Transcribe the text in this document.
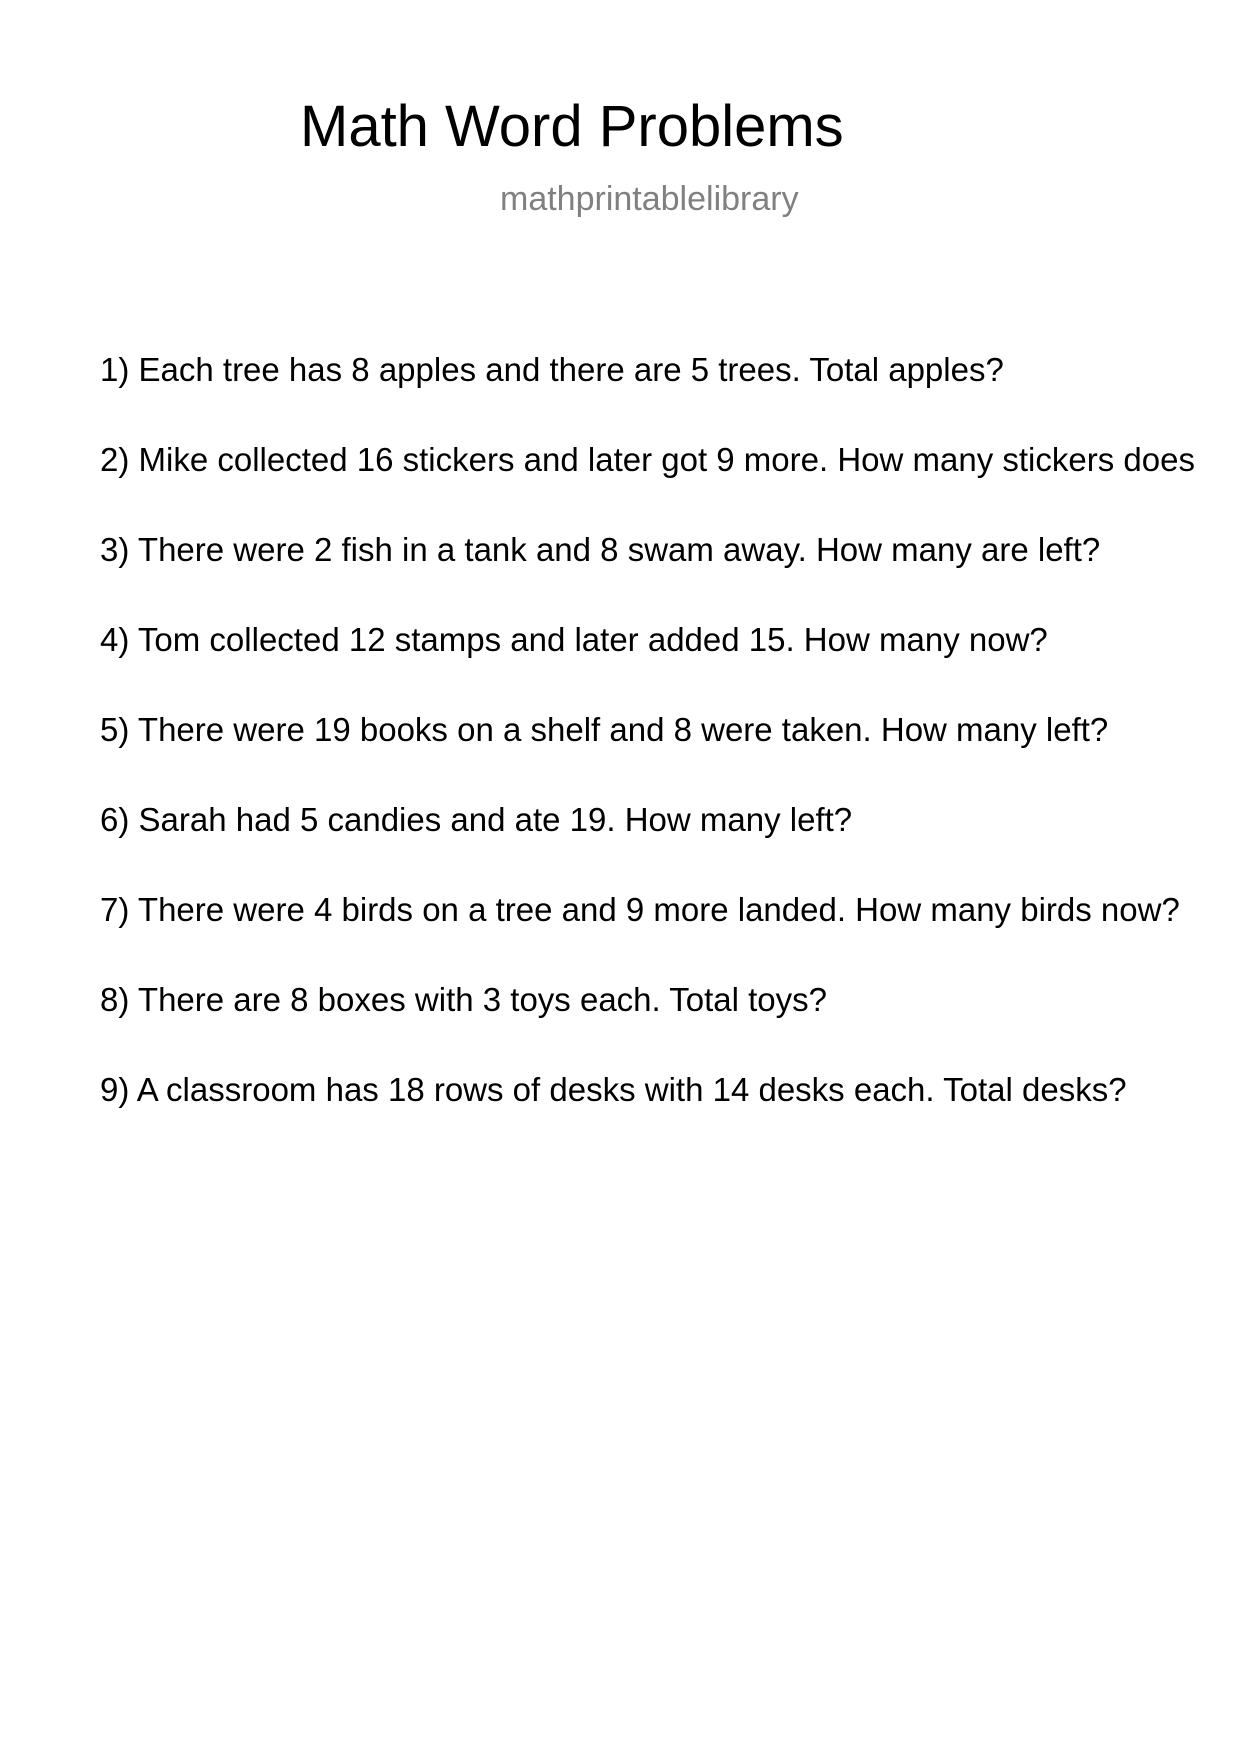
Math Word Problems
mathprintablelibrary
1) Each tree has 8 apples and there are 5 trees. Total apples?
2) Mike collected 16 stickers and later got 9 more. How many stickers does
3) There were 2 fish in a tank and 8 swam away. How many are left?
4) Tom collected 12 stamps and later added 15. How many now?
5) There were 19 books on a shelf and 8 were taken. How many left?
6) Sarah had 5 candies and ate 19. How many left?
7) There were 4 birds on a tree and 9 more landed. How many birds now?
8) There are 8 boxes with 3 toys each. Total toys?
9) A classroom has 18 rows of desks with 14 desks each. Total desks?
